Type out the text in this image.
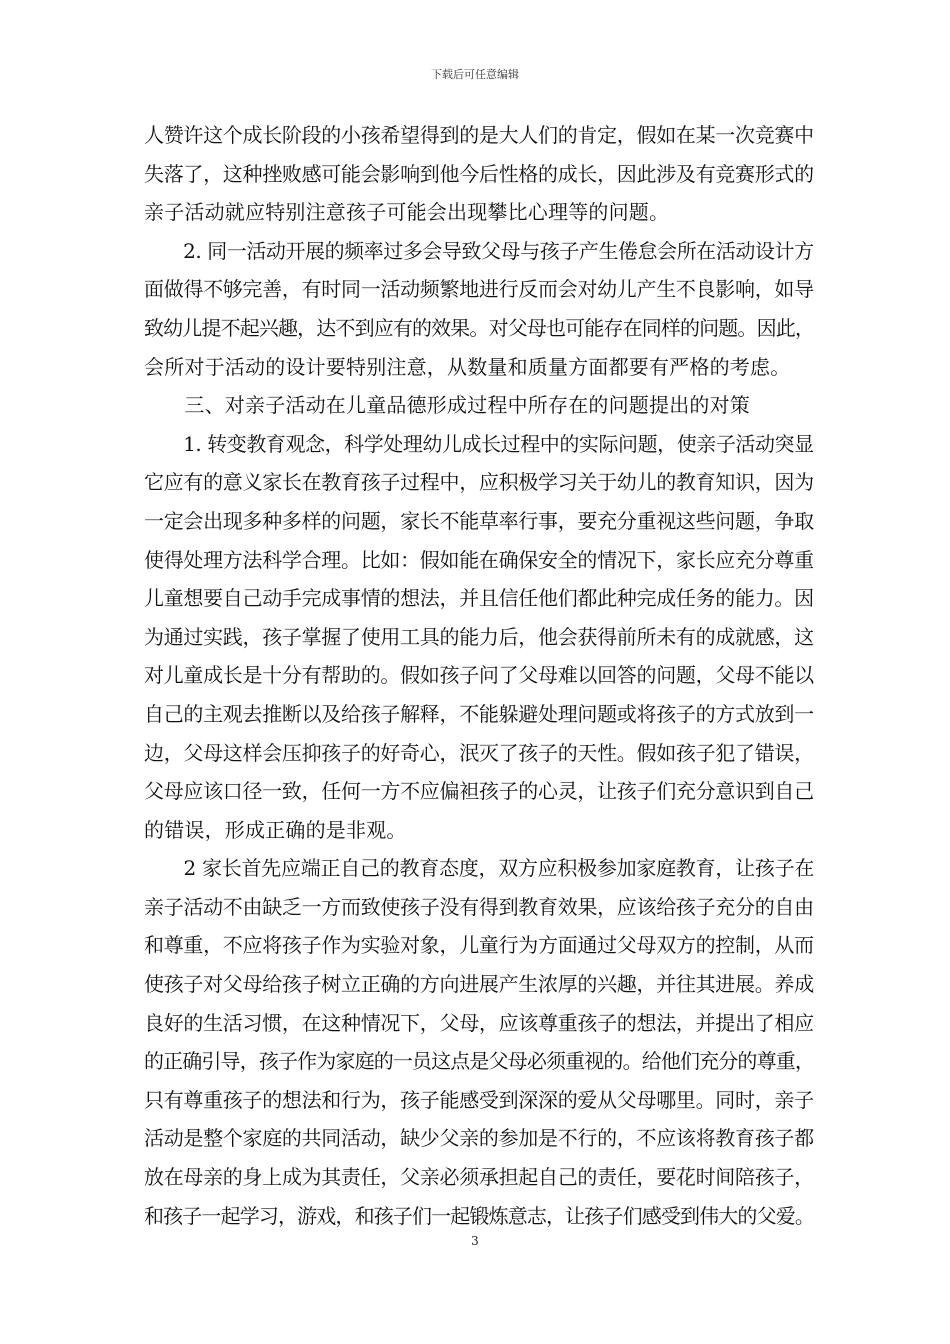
下载后可任意编辑
人赞许这个成长阶段的小孩希望得到的是大人们的肯定，假如在某一次竞赛中
失落了，这种挫败感可能会影响到他今后性格的成长，因此涉及有竞赛形式的
亲子活动就应特别注意孩子可能会出现攀比心理等的问题。
　　2. 同一活动开展的频率过多会导致父母与孩子产生倦怠会所在活动设计方
面做得不够完善，有时同一活动频繁地进行反而会对幼儿产生不良影响，如导
致幼儿提不起兴趣，达不到应有的效果。对父母也可能存在同样的问题。因此，
会所对于活动的设计要特别注意，从数量和质量方面都要有严格的考虑。
　　三、对亲子活动在儿童品德形成过程中所存在的问题提出的对策
　　1. 转变教育观念，科学处理幼儿成长过程中的实际问题，使亲子活动突显
它应有的意义家长在教育孩子过程中，应积极学习关于幼儿的教育知识，因为
一定会出现多种多样的问题，家长不能草率行事，要充分重视这些问题，争取
使得处理方法科学合理。比如：假如能在确保安全的情况下，家长应充分尊重
儿童想要自己动手完成事情的想法，并且信任他们都此种完成任务的能力。因
为通过实践，孩子掌握了使用工具的能力后，他会获得前所未有的成就感，这
对儿童成长是十分有帮助的。假如孩子问了父母难以回答的问题，父母不能以
自己的主观去推断以及给孩子解释，不能躲避处理问题或将孩子的方式放到一
边，父母这样会压抑孩子的好奇心，泯灭了孩子的天性。假如孩子犯了错误，
父母应该口径一致，任何一方不应偏袒孩子的心灵，让孩子们充分意识到自己
的错误，形成正确的是非观。
　　2 家长首先应端正自己的教育态度，双方应积极参加家庭教育，让孩子在
亲子活动不由缺乏一方而致使孩子没有得到教育效果，应该给孩子充分的自由
和尊重，不应将孩子作为实验对象，儿童行为方面通过父母双方的控制，从而
使孩子对父母给孩子树立正确的方向进展产生浓厚的兴趣，并往其进展。养成
良好的生活习惯，在这种情况下，父母，应该尊重孩子的想法，并提出了相应
的正确引导，孩子作为家庭的一员这点是父母必须重视的。给他们充分的尊重，
只有尊重孩子的想法和行为，孩子能感受到深深的爱从父母哪里。同时，亲子
活动是整个家庭的共同活动，缺少父亲的参加是不行的，不应该将教育孩子都
放在母亲的身上成为其责任，父亲必须承担起自己的责任，要花时间陪孩子，
和孩子一起学习，游戏，和孩子们一起锻炼意志，让孩子们感受到伟大的父爱。
3
